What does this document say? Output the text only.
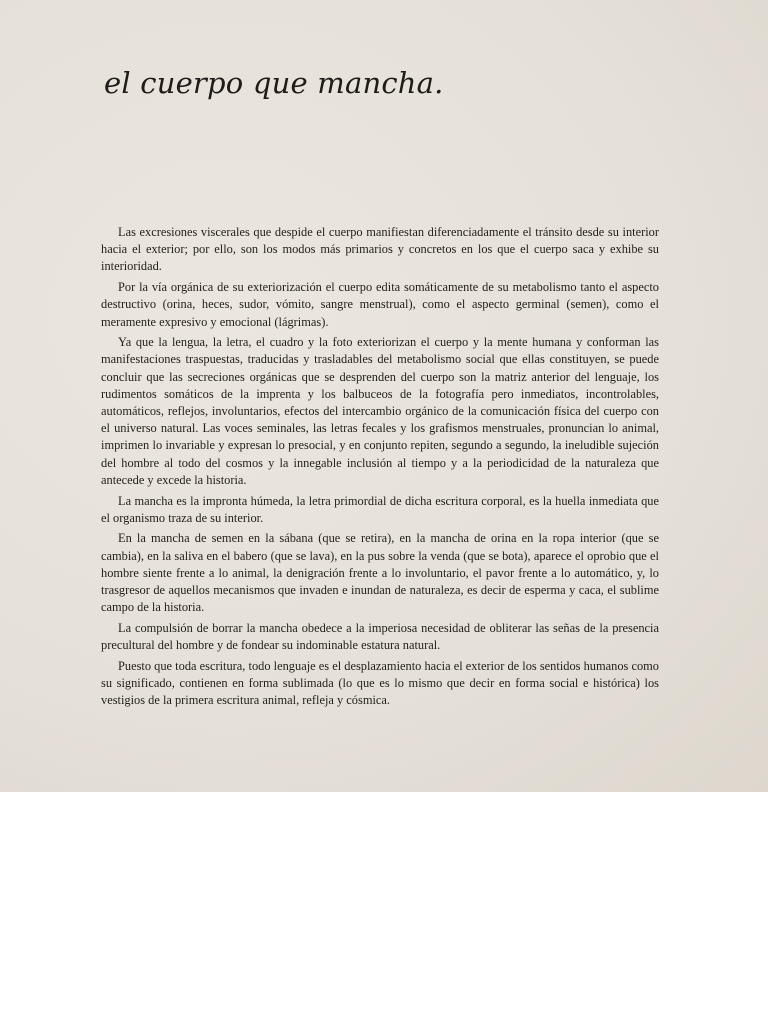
el cuerpo que mancha.

Las excresiones viscerales que despide el cuerpo manifiestan diferenciadamente el tránsito desde su interior hacia el exterior; por ello, son los modos más primarios y concretos en los que el cuerpo saca y exhibe su interioridad.

Por la vía orgánica de su exteriorización el cuerpo edita somáticamente de su metabolismo tanto el aspecto destructivo (orina, heces, sudor, vómito, sangre menstrual), como el aspecto germinal (semen), como el meramente expresivo y emocional (lágrimas).

Ya que la lengua, la letra, el cuadro y la foto exteriorizan el cuerpo y la mente humana y conforman las manifestaciones traspuestas, traducidas y trasladables del metabolismo social que ellas constituyen, se puede concluir que las secreciones orgánicas que se desprenden del cuerpo son la matriz anterior del lenguaje, los rudimentos somáticos de la imprenta y los balbuceos de la fotografía pero inmediatos, incontrolables, automáticos, reflejos, involuntarios, efectos del intercambio orgánico de la comunicación física del cuerpo con el universo natural. Las voces seminales, las letras fecales y los grafismos menstruales, pronuncian lo animal, imprimen lo invariable y expresan lo presocial, y en conjunto repiten, segundo a segundo, la ineludible sujeción del hombre al todo del cosmos y la innegable inclusión al tiempo y a la periodicidad de la naturaleza que antecede y excede la historia.

La mancha es la impronta húmeda, la letra primordial de dicha escritura corporal, es la huella inmediata que el organismo traza de su interior.

En la mancha de semen en la sábana (que se retira), en la mancha de orina en la ropa interior (que se cambia), en la saliva en el babero (que se lava), en la pus sobre la venda (que se bota), aparece el oprobio que el hombre siente frente a lo animal, la denigración frente a lo involuntario, el pavor frente a lo automático, y, lo trasgresor de aquellos mecanismos que invaden e inundan de naturaleza, es decir de esperma y caca, el sublime campo de la historia.

La compulsión de borrar la mancha obedece a la imperiosa necesidad de obliterar las señas de la presencia precultural del hombre y de fondear su indominable estatura natural.

Puesto que toda escritura, todo lenguaje es el desplazamiento hacia el exterior de los sentidos humanos como su significado, contienen en forma sublimada (lo que es lo mismo que decir en forma social e histórica) los vestigios de la primera escritura animal, refleja y cósmica.
